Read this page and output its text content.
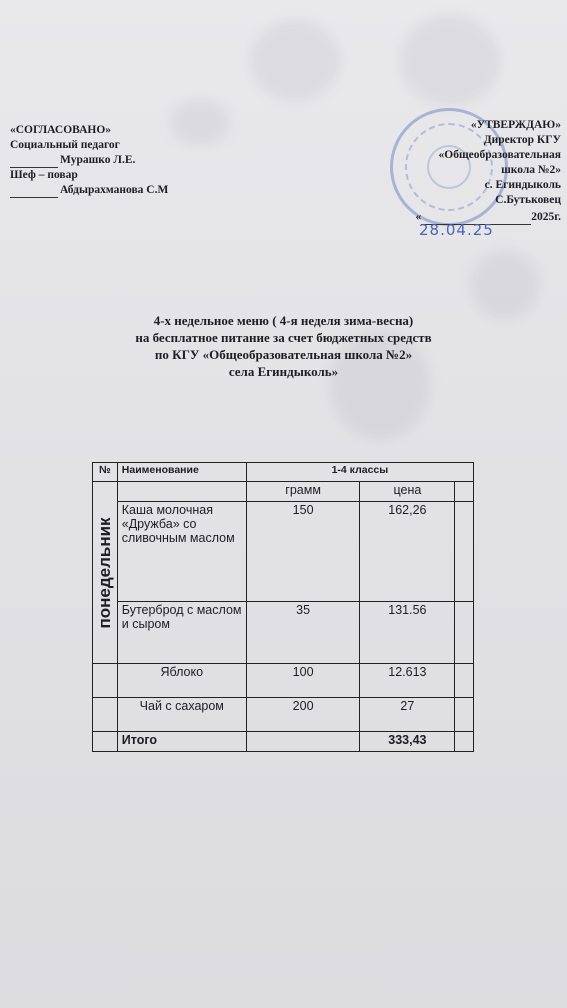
«СОГЛАСОВАНО»
Социальный педагог
Мурашко Л.Е.
Шеф – повар
Абдырахманова С.М
«УТВЕРЖДАЮ»
Директор КГУ
«Общеобразовательная
школа №2»
с. Егиндыколь
С.Бутьковец
«	2025г.
28.04.25
4-х недельное меню ( 4-я неделя зима-весна)
на бесплатное питание за счет бюджетных средств
по КГУ «Общеобразовательная школа №2»
села Егиндыколь»
№	Наименование	1-4 классы		

понедельник		грамм	цена	
	Каша молочная «Дружба» со сливочным маслом	150	162,26	
	Бутерброд с маслом и сыром	35	131.56	
	Яблоко	100	12.613	
	Чай с сахаром	200	27	
	Итого		333,43	
